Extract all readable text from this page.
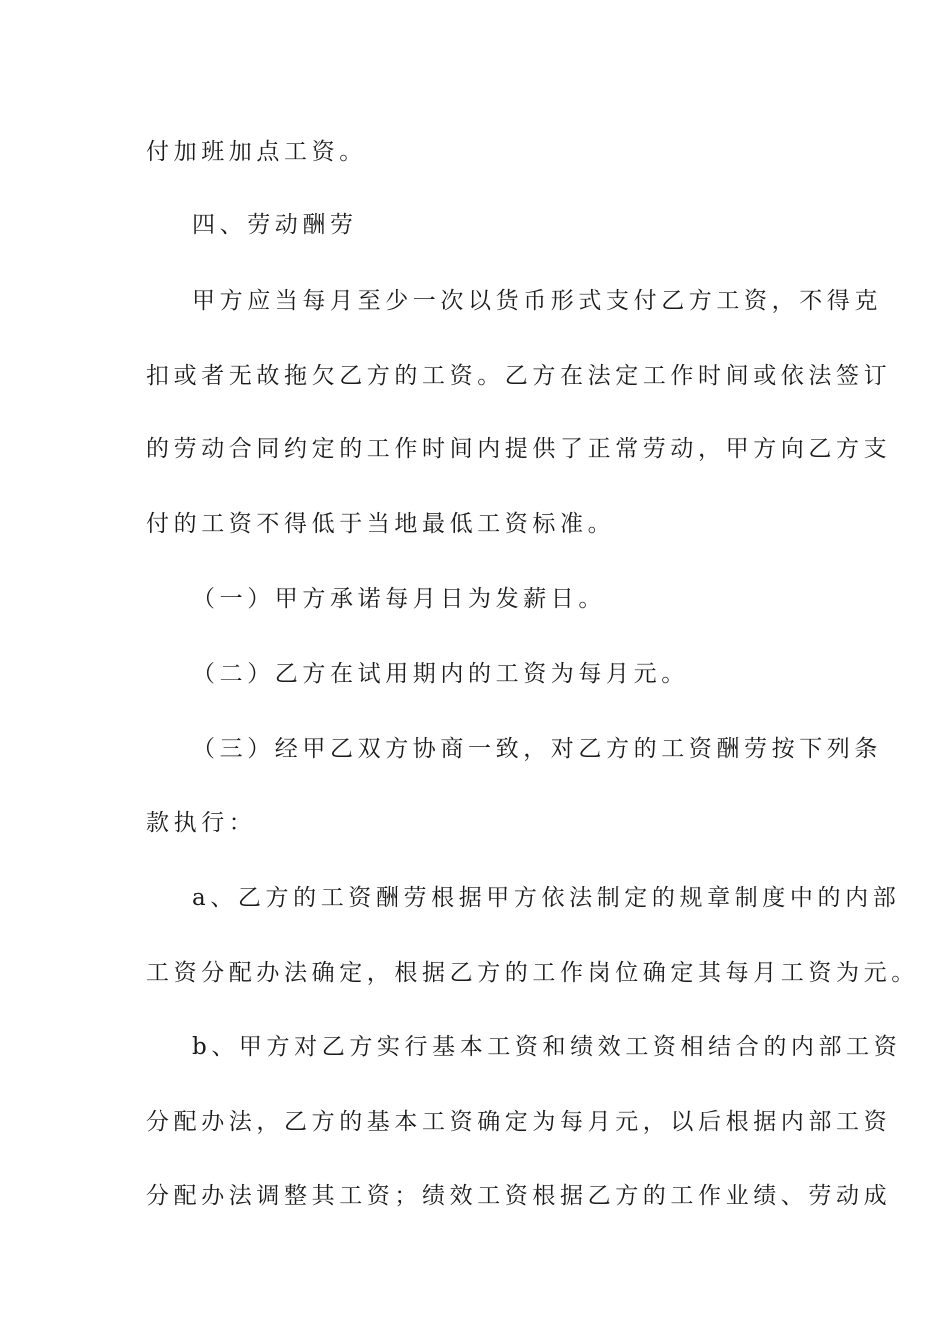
付加班加点工资。
四、劳动酬劳
甲方应当每月至少一次以货币形式支付乙方工资，不得克
扣或者无故拖欠乙方的工资。乙方在法定工作时间或依法签订
的劳动合同约定的工作时间内提供了正常劳动，甲方向乙方支
付的工资不得低于当地最低工资标准。
（一）甲方承诺每月日为发薪日。
（二）乙方在试用期内的工资为每月元。
（三）经甲乙双方协商一致，对乙方的工资酬劳按下列条
款执行：
a、乙方的工资酬劳根据甲方依法制定的规章制度中的内部
工资分配办法确定，根据乙方的工作岗位确定其每月工资为元。
b、甲方对乙方实行基本工资和绩效工资相结合的内部工资
分配办法，乙方的基本工资确定为每月元，以后根据内部工资
分配办法调整其工资；绩效工资根据乙方的工作业绩、劳动成
